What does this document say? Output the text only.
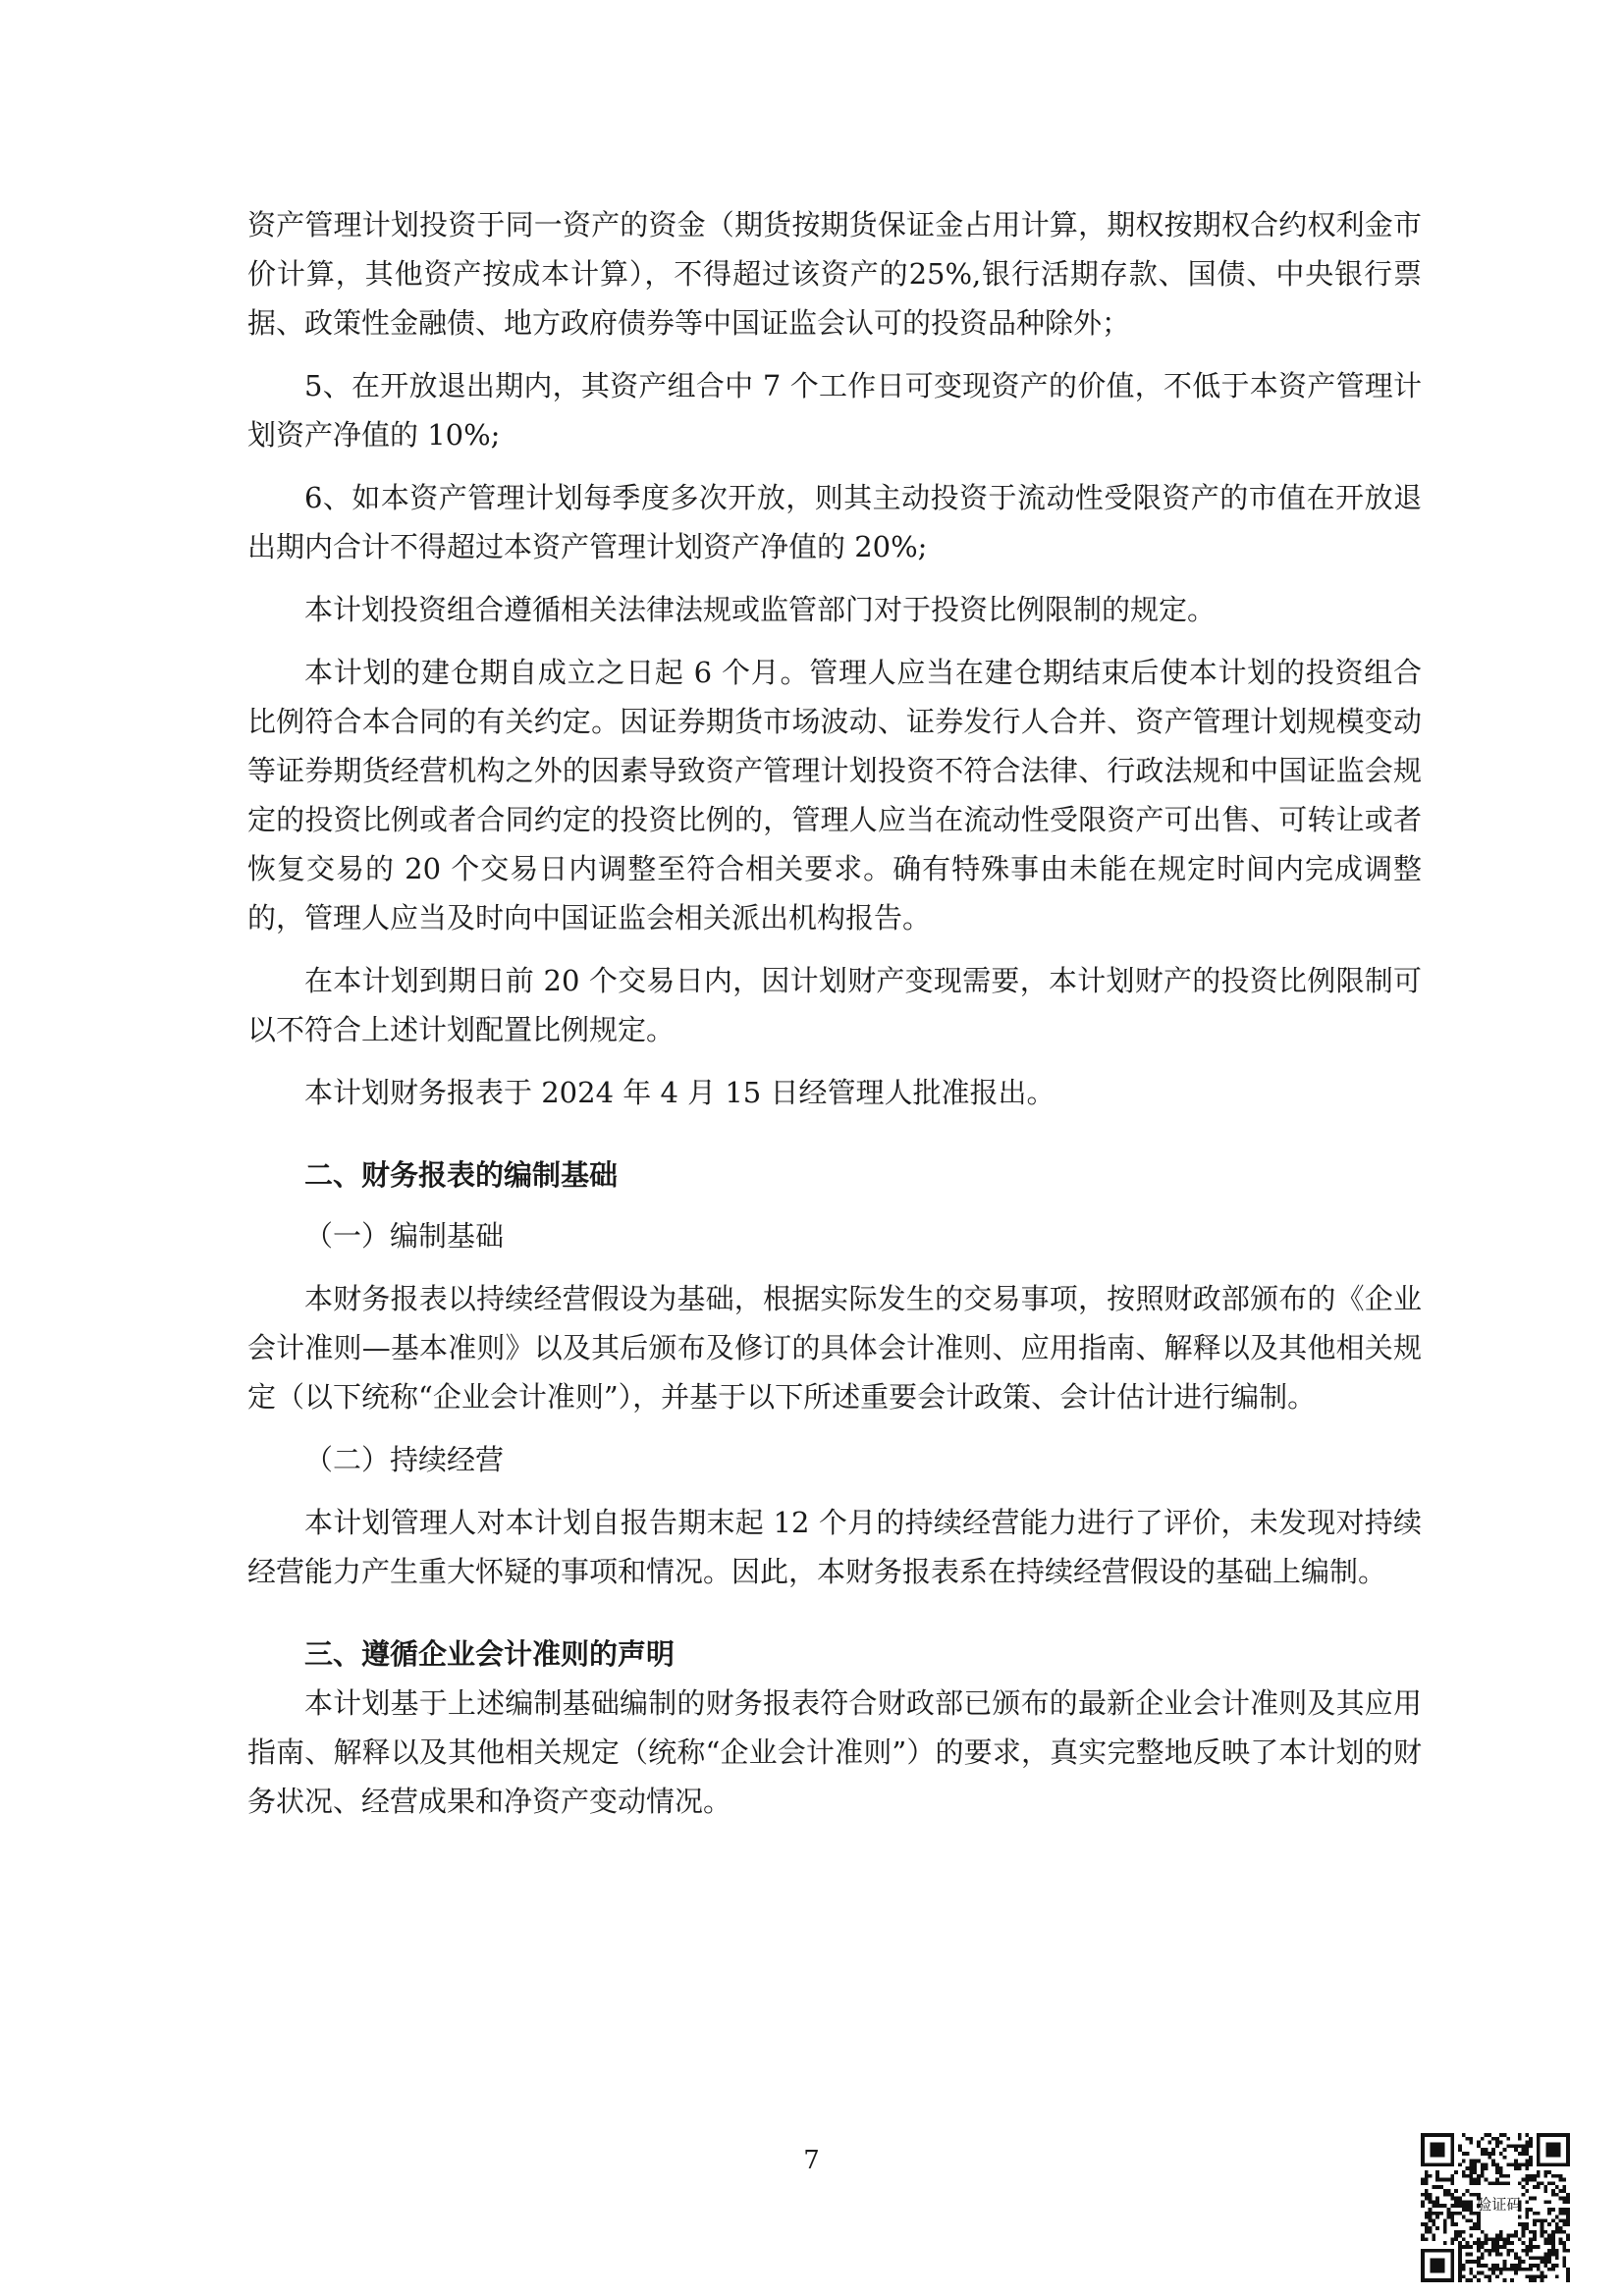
资产管理计划投资于同一资产的资金（期货按期货保证金占用计算，期权按期权合约权利金市价计算，其他资产按成本计算），不得超过该资产的25%,银行活期存款、国债、中央银行票据、政策性金融债、地方政府债券等中国证监会认可的投资品种除外；

5、在开放退出期内，其资产组合中 7 个工作日可变现资产的价值，不低于本资产管理计划资产净值的 10%;

6、如本资产管理计划每季度多次开放，则其主动投资于流动性受限资产的市值在开放退出期内合计不得超过本资产管理计划资产净值的 20%;

本计划投资组合遵循相关法律法规或监管部门对于投资比例限制的规定。

本计划的建仓期自成立之日起 6 个月。管理人应当在建仓期结束后使本计划的投资组合比例符合本合同的有关约定。因证券期货市场波动、证券发行人合并、资产管理计划规模变动等证券期货经营机构之外的因素导致资产管理计划投资不符合法律、行政法规和中国证监会规定的投资比例或者合同约定的投资比例的，管理人应当在流动性受限资产可出售、可转让或者恢复交易的 20 个交易日内调整至符合相关要求。确有特殊事由未能在规定时间内完成调整的，管理人应当及时向中国证监会相关派出机构报告。

在本计划到期日前 20 个交易日内，因计划财产变现需要，本计划财产的投资比例限制可以不符合上述计划配置比例规定。

本计划财务报表于 2024 年 4 月 15 日经管理人批准报出。

二、财务报表的编制基础

（一）编制基础

本财务报表以持续经营假设为基础，根据实际发生的交易事项，按照财政部颁布的《企业会计准则—基本准则》以及其后颁布及修订的具体会计准则、应用指南、解释以及其他相关规定（以下统称“企业会计准则”），并基于以下所述重要会计政策、会计估计进行编制。

（二）持续经营

本计划管理人对本计划自报告期末起 12 个月的持续经营能力进行了评价，未发现对持续经营能力产生重大怀疑的事项和情况。因此，本财务报表系在持续经营假设的基础上编制。

三、遵循企业会计准则的声明

本计划基于上述编制基础编制的财务报表符合财政部已颁布的最新企业会计准则及其应用指南、解释以及其他相关规定（统称“企业会计准则”）的要求，真实完整地反映了本计划的财务状况、经营成果和净资产变动情况。

7
验证码
